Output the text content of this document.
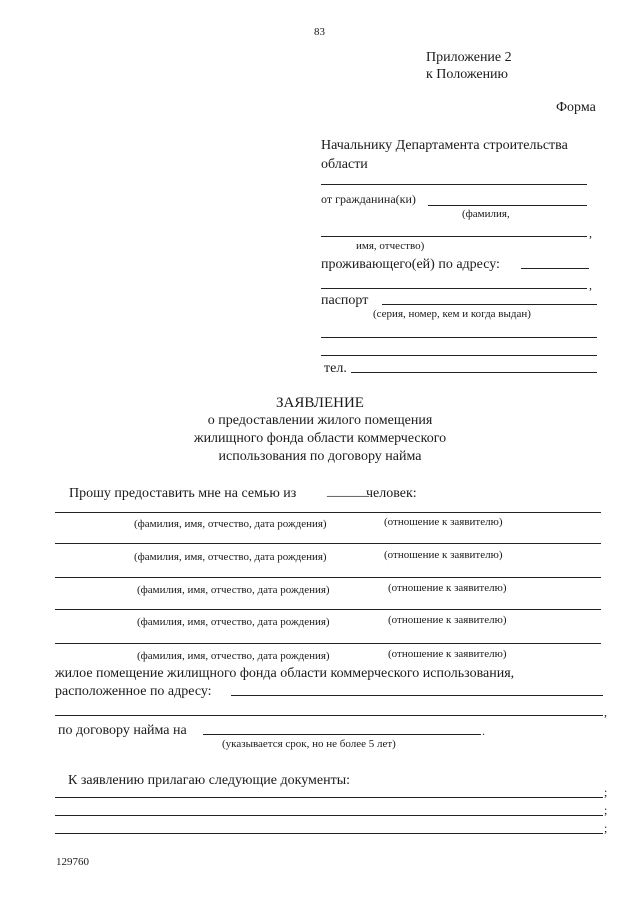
83
Приложение 2
к Положению
Форма
Начальнику Департамента строительства
области
от гражданина(ки)
(фамилия,
,
имя, отчество)
проживающего(ей) по адресу:
,
паспорт
(серия, номер, кем и когда выдан)
тел.
ЗАЯВЛЕНИЕ
о предоставлении жилого помещения
жилищного фонда области коммерческого
использования по договору найма
Прошу предоставить мне на семью из ______
человек:
(фамилия, имя, отчество, дата рождения)	(отношение к заявителю)
(фамилия, имя, отчество, дата рождения)	(отношение к заявителю)
(фамилия, имя, отчество, дата рождения)	(отношение к заявителю)
(фамилия, имя, отчество, дата рождения)	(отношение к заявителю)
(фамилия, имя, отчество, дата рождения)	(отношение к заявителю)
жилое помещение жилищного фонда области коммерческого использования,
расположенное по адресу:
,
по договору найма на	.
(указывается срок, но не более 5 лет)
К заявлению прилагаю следующие документы:
;
;
;
129760
